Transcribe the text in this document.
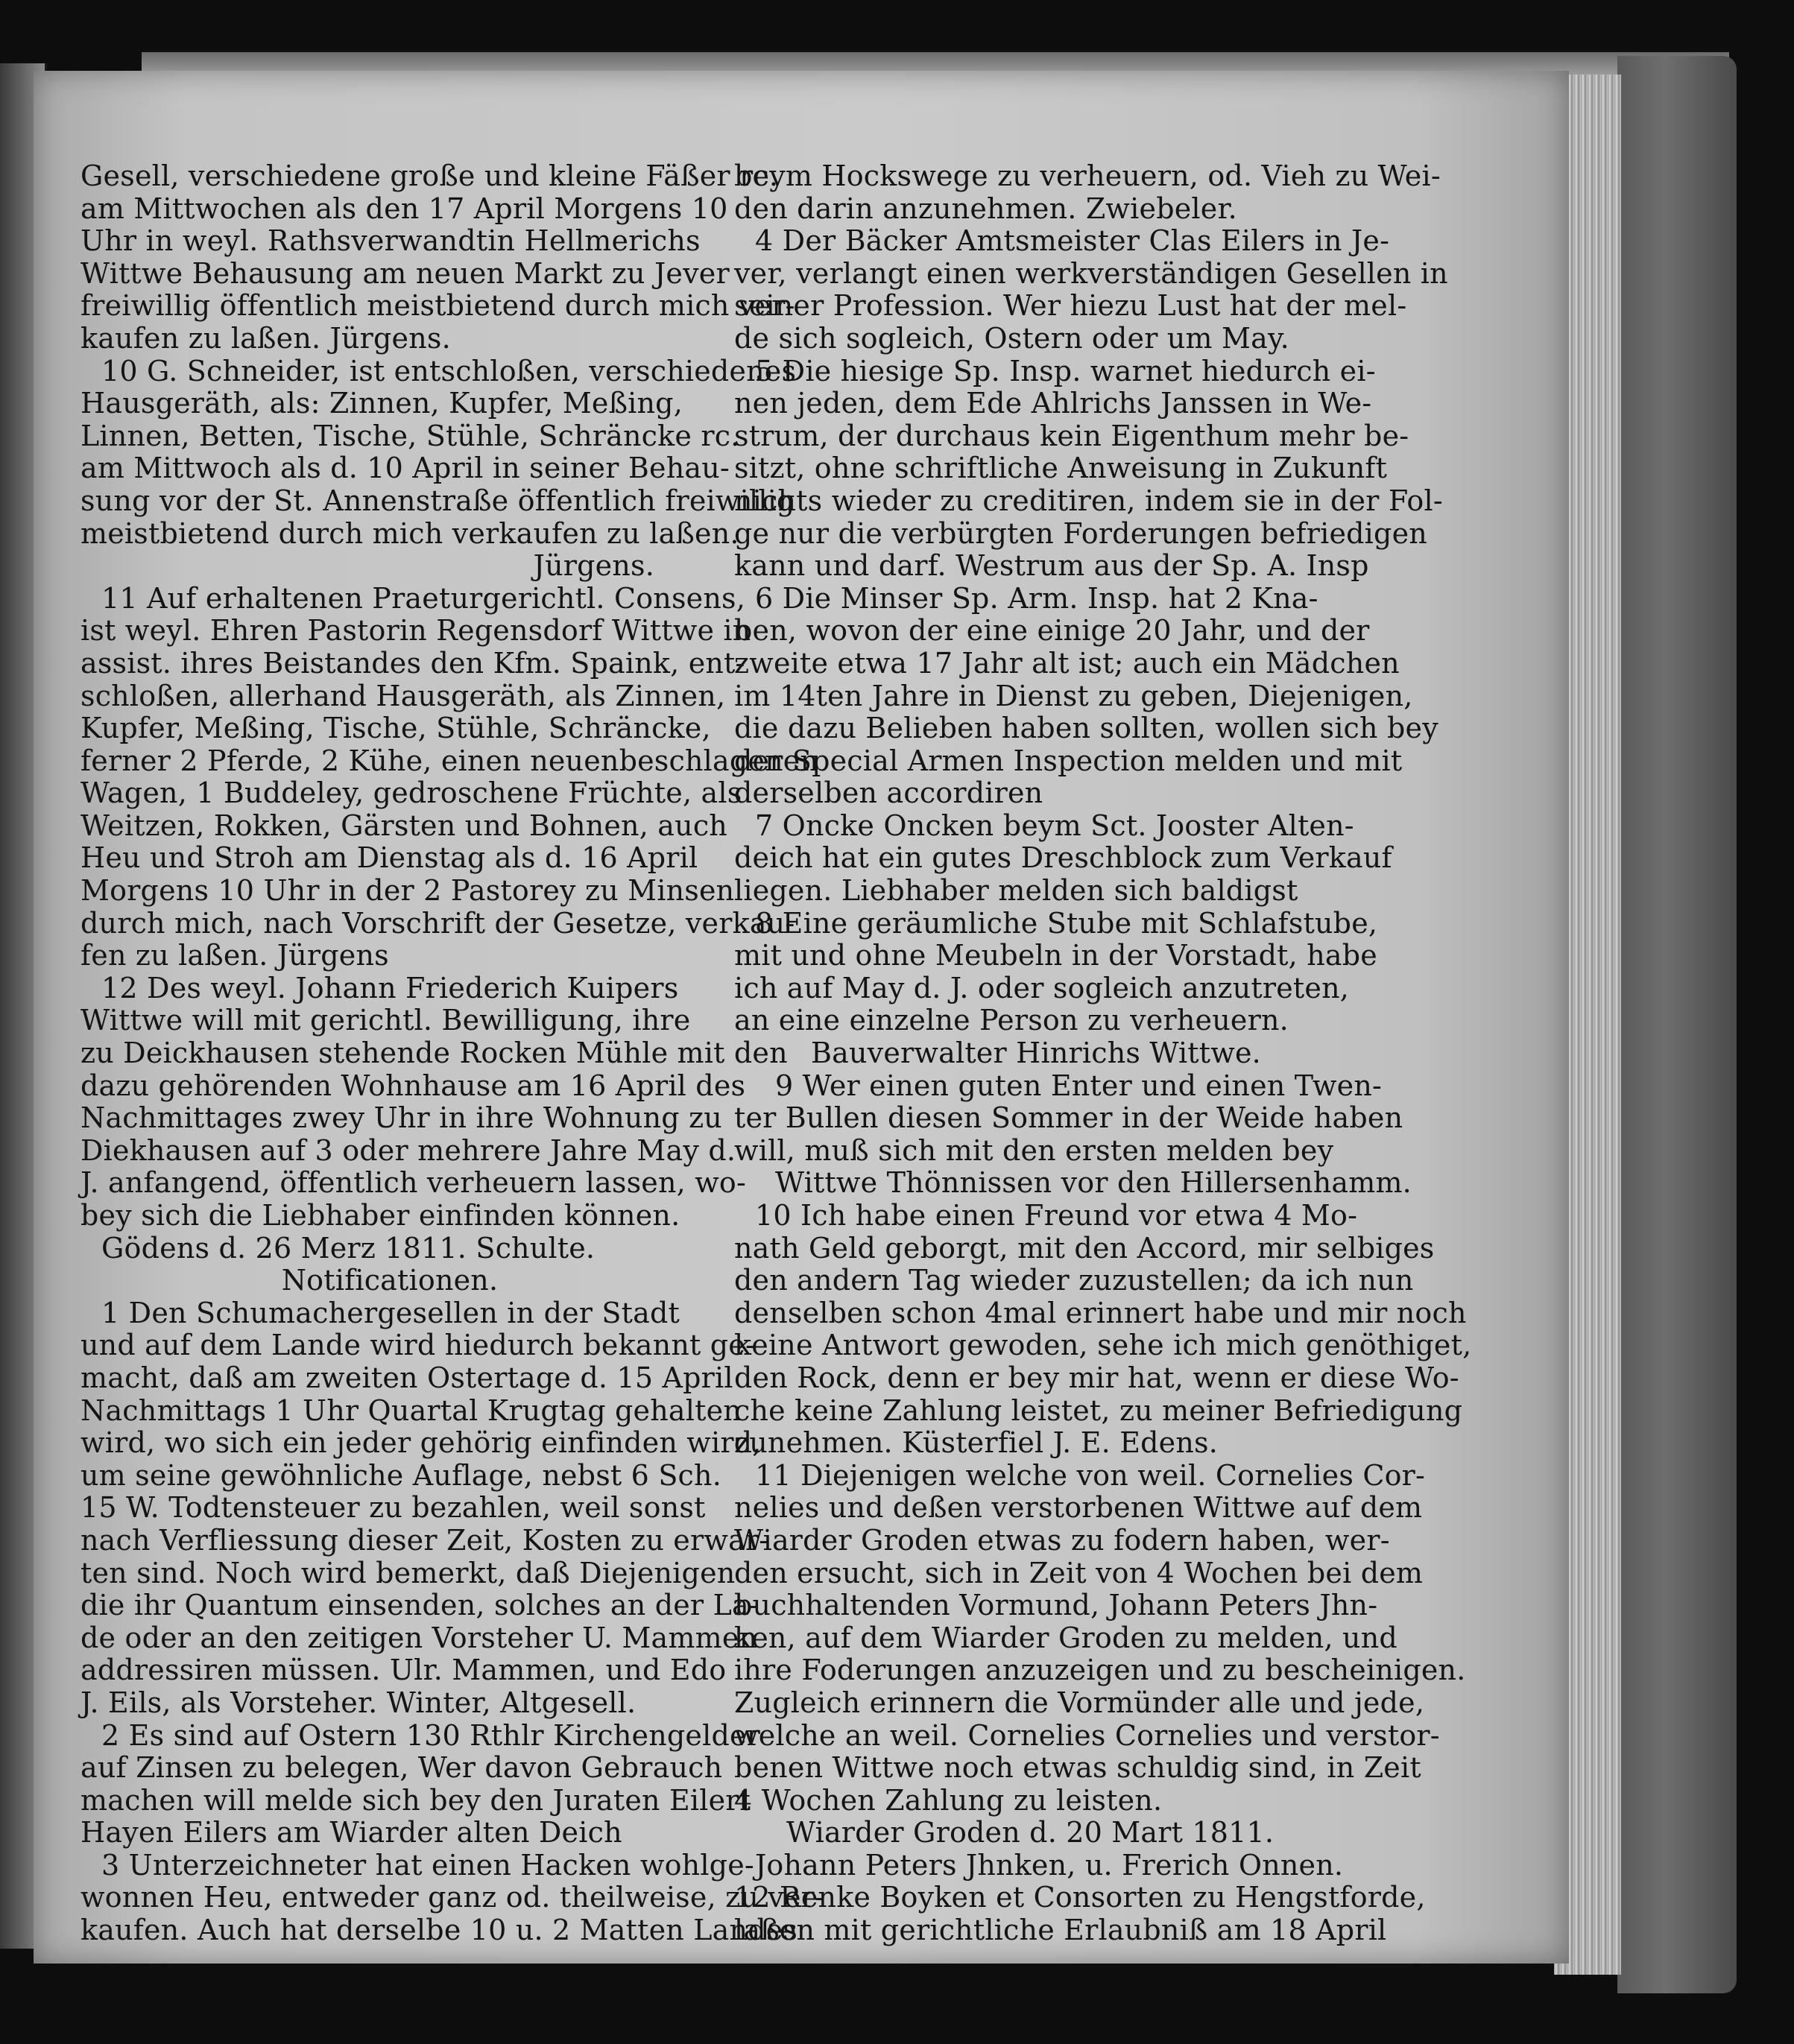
Gesell, verschiedene große und kleine Fäßer rc.
am Mittwochen als den 17 April Morgens 10
Uhr in weyl. Rathsverwandtin Hellmerichs
Wittwe Behausung am neuen Markt zu Jever
freiwillig öffentlich meistbietend durch mich ver-
kaufen zu laßen. Jürgens.
10 G. Schneider, ist entschloßen, verschiedenes
Hausgeräth, als: Zinnen, Kupfer, Meßing,
Linnen, Betten, Tische, Stühle, Schräncke rc.
am Mittwoch als d. 10 April in seiner Behau-
sung vor der St. Annenstraße öffentlich freiwillig
meistbietend durch mich verkaufen zu laßen.
Jürgens.
11 Auf erhaltenen Praeturgerichtl. Consens,
ist weyl. Ehren Pastorin Regensdorf Wittwe in
assist. ihres Beistandes den Kfm. Spaink, ent-
schloßen, allerhand Hausgeräth, als Zinnen,
Kupfer, Meßing, Tische, Stühle, Schräncke,
ferner 2 Pferde, 2 Kühe, einen neuenbeschlagenen
Wagen, 1 Buddeley, gedroschene Früchte, als
Weitzen, Rokken, Gärsten und Bohnen, auch
Heu und Stroh am Dienstag als d. 16 April
Morgens 10 Uhr in der 2 Pastorey zu Minsen
durch mich, nach Vorschrift der Gesetze, verkau-
fen zu laßen. Jürgens
12 Des weyl. Johann Friederich Kuipers
Wittwe will mit gerichtl. Bewilligung, ihre
zu Deickhausen stehende Rocken Mühle mit den
dazu gehörenden Wohnhause am 16 April des
Nachmittages zwey Uhr in ihre Wohnung zu
Diekhausen auf 3 oder mehrere Jahre May d.
J. anfangend, öffentlich verheuern lassen, wo-
bey sich die Liebhaber einfinden können.
Gödens d. 26 Merz 1811. Schulte.
Notificationen.
1 Den Schumachergesellen in der Stadt
und auf dem Lande wird hiedurch bekannt ge-
macht, daß am zweiten Ostertage d. 15 April
Nachmittags 1 Uhr Quartal Krugtag gehalten
wird, wo sich ein jeder gehörig einfinden wird,
um seine gewöhnliche Auflage, nebst 6 Sch.
15 W. Todtensteuer zu bezahlen, weil sonst
nach Verfliessung dieser Zeit, Kosten zu erwar-
ten sind. Noch wird bemerkt, daß Diejenigen
die ihr Quantum einsenden, solches an der La-
de oder an den zeitigen Vorsteher U. Mammen
addressiren müssen. Ulr. Mammen, und Edo
J. Eils, als Vorsteher. Winter, Altgesell.
2 Es sind auf Ostern 130 Rthlr Kirchengelder
auf Zinsen zu belegen, Wer davon Gebrauch
machen will melde sich bey den Juraten Eilert
Hayen Eilers am Wiarder alten Deich
3 Unterzeichneter hat einen Hacken wohlge-
wonnen Heu, entweder ganz od. theilweise, zu ver-
kaufen. Auch hat derselbe 10 u. 2 Matten Landes
beym Hockswege zu verheuern, od. Vieh zu Wei-
den darin anzunehmen. Zwiebeler.
4 Der Bäcker Amtsmeister Clas Eilers in Je-
ver, verlangt einen werkverständigen Gesellen in
seiner Profession. Wer hiezu Lust hat der mel-
de sich sogleich, Ostern oder um May.
5 Die hiesige Sp. Insp. warnet hiedurch ei-
nen jeden, dem Ede Ahlrichs Janssen in We-
strum, der durchaus kein Eigenthum mehr be-
sitzt, ohne schriftliche Anweisung in Zukunft
nichts wieder zu creditiren, indem sie in der Fol-
ge nur die verbürgten Forderungen befriedigen
kann und darf. Westrum aus der Sp. A. Insp
6 Die Minser Sp. Arm. Insp. hat 2 Kna-
ben, wovon der eine einige 20 Jahr, und der
zweite etwa 17 Jahr alt ist; auch ein Mädchen
im 14ten Jahre in Dienst zu geben, Diejenigen,
die dazu Belieben haben sollten, wollen sich bey
der Special Armen Inspection melden und mit
derselben accordiren
7 Oncke Oncken beym Sct. Jooster Alten-
deich hat ein gutes Dreschblock zum Verkauf
liegen. Liebhaber melden sich baldigst
8 Eine geräumliche Stube mit Schlafstube,
mit und ohne Meubeln in der Vorstadt, habe
ich auf May d. J. oder sogleich anzutreten,
an eine einzelne Person zu verheuern.
Bauverwalter Hinrichs Wittwe.
9 Wer einen guten Enter und einen Twen-
ter Bullen diesen Sommer in der Weide haben
will, muß sich mit den ersten melden bey
Wittwe Thönnissen vor den Hillersenhamm.
10 Ich habe einen Freund vor etwa 4 Mo-
nath Geld geborgt, mit den Accord, mir selbiges
den andern Tag wieder zuzustellen; da ich nun
denselben schon 4mal erinnert habe und mir noch
keine Antwort gewoden, sehe ich mich genöthiget,
den Rock, denn er bey mir hat, wenn er diese Wo-
che keine Zahlung leistet, zu meiner Befriedigung
zunehmen. Küsterfiel J. E. Edens.
11 Diejenigen welche von weil. Cornelies Cor-
nelies und deßen verstorbenen Wittwe auf dem
Wiarder Groden etwas zu fodern haben, wer-
den ersucht, sich in Zeit von 4 Wochen bei dem
buchhaltenden Vormund, Johann Peters Jhn-
ken, auf dem Wiarder Groden zu melden, und
ihre Foderungen anzuzeigen und zu bescheinigen.
Zugleich erinnern die Vormünder alle und jede,
welche an weil. Cornelies Cornelies und verstor-
benen Wittwe noch etwas schuldig sind, in Zeit
4 Wochen Zahlung zu leisten.
Wiarder Groden d. 20 Mart 1811.
Johann Peters Jhnken, u. Frerich Onnen.
12 Renke Boyken et Consorten zu Hengstforde,
laßen mit gerichtliche Erlaubniß am 18 April
